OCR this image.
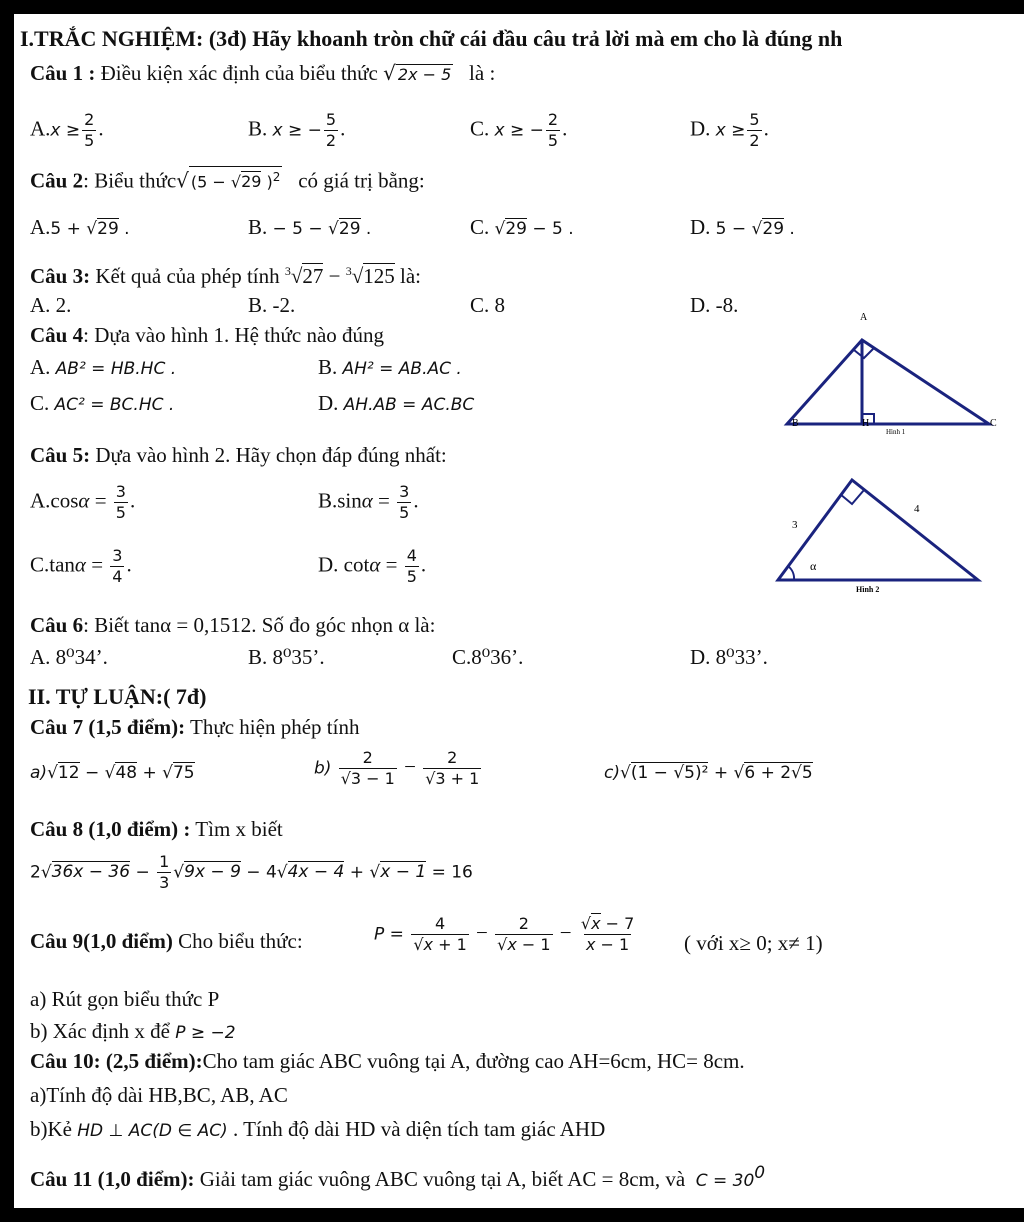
I.TRẮC NGHIỆM: (3đ) Hãy khoanh tròn chữ cái đầu câu trả lời mà em cho là đúng nh
Câu 1 : Điều kiện xác định của biểu thức √ 2x − 5 là :
$A.x \ge \frac{2}{5}$ .	B. x ≥ − $\frac{5}{2}$ .	C. x ≥ − $\frac{2}{5}$ .	D. $x \ge \frac{5}{2}$ .
Câu 2: Biểu thức√ (5 − √29 )$^2$ có giá trị bằng:
A.5 + √29 .	B. − 5 − √29 .	C. √29 − 5 .	D. 5 − √29 .
Câu 3: Kết quả của phép tính $^3$√27 − $^3$√125 là:
A. 2.	B. -2.	C. 8	D. -8.
Câu 4: Dựa vào hình 1. Hệ thức nào đúng
A. AB² = HB.HC .	B. AH² = AB.AC .
C. AC² = BC.HC .	D. AH.AB = AC.BC
A
B	H	C
Hình 1
Câu 5: Dựa vào hình 2. Hãy chọn đáp đúng nhất:
$A.\cos\alpha = \frac{3}{5}$ .	$B.\sin\alpha = \frac{3}{5}$ .
$C.\tan\alpha = \frac{3}{4}$ .	D. $\cot\alpha = \frac{4}{5}$ .
3
4
α
Hình 2
Câu 6: Biết tanα = 0,1512. Số đo góc nhọn α là:
A. 8⁰34’.	B. 8⁰35’.	C.8⁰36’.	D. 8⁰33’.
II. TỰ LUẬN:( 7đ)
Câu 7 (1,5 điểm): Thực hiện phép tính
a)√12 − √48 + √75	$b) \frac{2}{√3 - 1} - \frac{2}{√3 + 1}$	c)√(1 − √5)² + √6 + 2√5
Câu 8 (1,0 điểm) : Tìm x biết
$2√36x - 36 - \frac{1}{3} √9x - 9 - 4√4x - 4 + √x - 1 = 16$
Câu 9(1,0 điểm) Cho biểu thức:	$P = \frac{4}{√x + 1} - \frac{2}{√x - 1} - \frac{√x - 7}{x - 1}$ ( với x≥ 0; x≠ 1)
a) Rút gọn biểu thức P
b) Xác định x để P ≥ −2
Câu 10: (2,5 điểm):Cho tam giác ABC vuông tại A, đường cao AH=6cm, HC= 8cm.
a)Tính độ dài HB,BC, AB, AC
b)Kẻ HD ⊥ AC(D ∈ AC) . Tính độ dài HD và diện tích tam giác AHD
Câu 11 (1,0 điểm): Giải tam giác vuông ABC vuông tại A, biết AC = 8cm, và $C = 30^0$
